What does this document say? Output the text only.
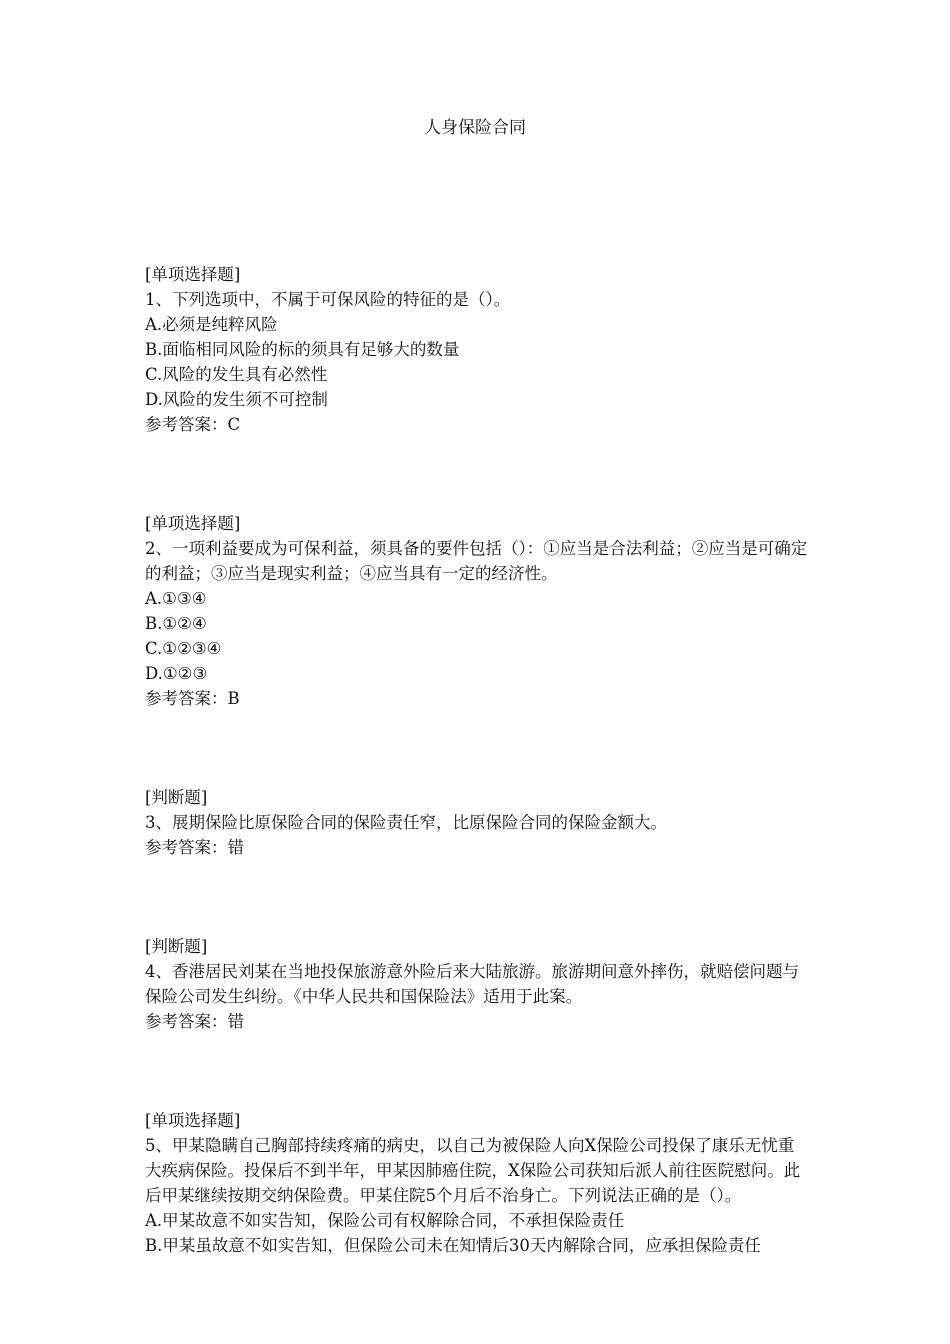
人身保险合同

[单项选择题]

1、下列选项中，不属于可保风险的特征的是（）。

A.必须是纯粹风险

B.面临相同风险的标的须具有足够大的数量

C.风险的发生具有必然性

D.风险的发生须不可控制

参考答案：C

[单项选择题]

2、一项利益要成为可保利益，须具备的要件包括（）：①应当是合法利益；②应当是可确定的利益；③应当是现实利益；④应当具有一定的经济性。

A.①③④

B.①②④

C.①②③④

D.①②③

参考答案：B

[判断题]

3、展期保险比原保险合同的保险责任窄，比原保险合同的保险金额大。

参考答案：错

[判断题]

4、香港居民刘某在当地投保旅游意外险后来大陆旅游。旅游期间意外摔伤，就赔偿问题与保险公司发生纠纷。《中华人民共和国保险法》适用于此案。

参考答案：错

[单项选择题]

5、甲某隐瞒自己胸部持续疼痛的病史，以自己为被保险人向X保险公司投保了康乐无忧重大疾病保险。投保后不到半年，甲某因肺癌住院，X保险公司获知后派人前往医院慰问。此后甲某继续按期交纳保险费。甲某住院5个月后不治身亡。下列说法正确的是（）。

A.甲某故意不如实告知，保险公司有权解除合同，不承担保险责任

B.甲某虽故意不如实告知，但保险公司未在知情后30天内解除合同，应承担保险责任
